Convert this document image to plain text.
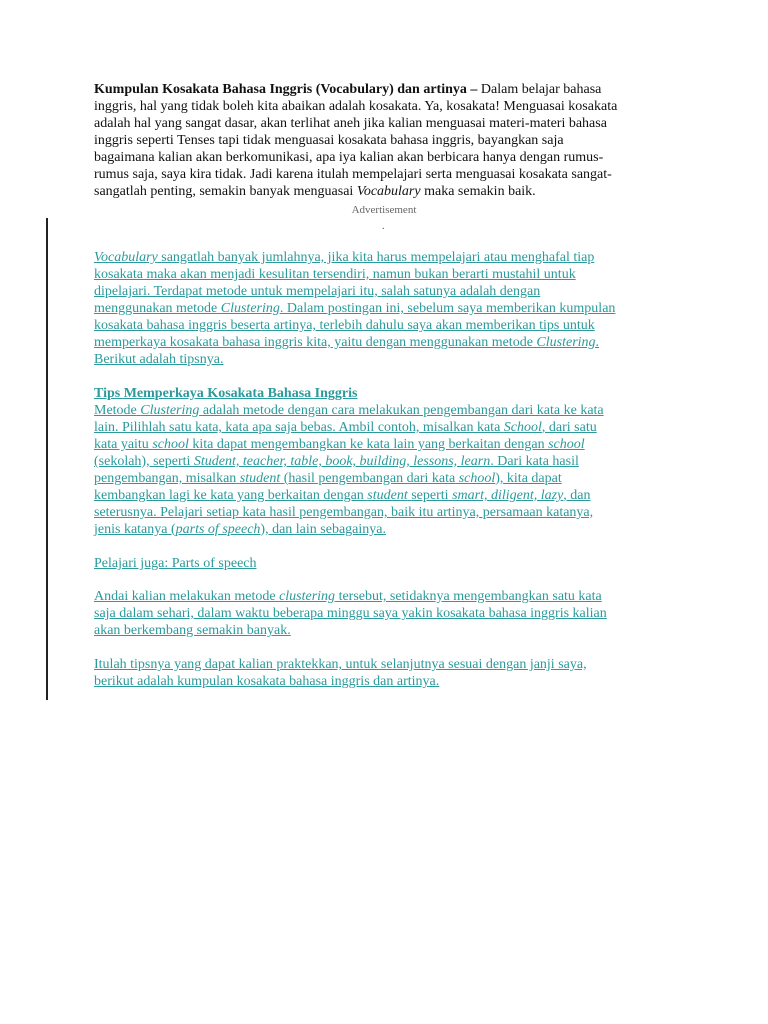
Kumpulan Kosakata Bahasa Inggris (Vocabulary) dan artinya – Dalam belajar bahasa
inggris, hal yang tidak boleh kita abaikan adalah kosakata. Ya, kosakata! Menguasai kosakata
adalah hal yang sangat dasar, akan terlihat aneh jika kalian menguasai materi-materi bahasa
inggris seperti Tenses tapi tidak menguasai kosakata bahasa inggris, bayangkan saja
bagaimana kalian akan berkomunikasi, apa iya kalian akan berbicara hanya dengan rumus-
rumus saja, saya kira tidak. Jadi karena itulah mempelajari serta menguasai kosakata sangat-
sangatlah penting, semakin banyak menguasai Vocabulary maka semakin baik.
Advertisement
.
Vocabulary sangatlah banyak jumlahnya, jika kita harus mempelajari atau menghafal tiap
kosakata maka akan menjadi kesulitan tersendiri, namun bukan berarti mustahil untuk
dipelajari. Terdapat metode untuk mempelajari itu, salah satunya adalah dengan
menggunakan metode Clustering. Dalam postingan ini, sebelum saya memberikan kumpulan
kosakata bahasa inggris beserta artinya, terlebih dahulu saya akan memberikan tips untuk
memperkaya kosakata bahasa inggris kita, yaitu dengan menggunakan metode Clustering.
Berikut adalah tipsnya.
Tips Memperkaya Kosakata Bahasa Inggris
Metode Clustering adalah metode dengan cara melakukan pengembangan dari kata ke kata
lain. Pilihlah satu kata, kata apa saja bebas. Ambil contoh, misalkan kata School, dari satu
kata yaitu school kita dapat mengembangkan ke kata lain yang berkaitan dengan school
(sekolah), seperti Student, teacher, table, book, building, lessons, learn. Dari kata hasil
pengembangan, misalkan student (hasil pengembangan dari kata school), kita dapat
kembangkan lagi ke kata yang berkaitan dengan student seperti smart, diligent, lazy, dan
seterusnya. Pelajari setiap kata hasil pengembangan, baik itu artinya, persamaan katanya,
jenis katanya (parts of speech), dan lain sebagainya.
Pelajari juga: Parts of speech
Andai kalian melakukan metode clustering tersebut, setidaknya mengembangkan satu kata
saja dalam sehari, dalam waktu beberapa minggu saya yakin kosakata bahasa inggris kalian
akan berkembang semakin banyak.
Itulah tipsnya yang dapat kalian praktekkan, untuk selanjutnya sesuai dengan janji saya,
berikut adalah kumpulan kosakata bahasa inggris dan artinya.
